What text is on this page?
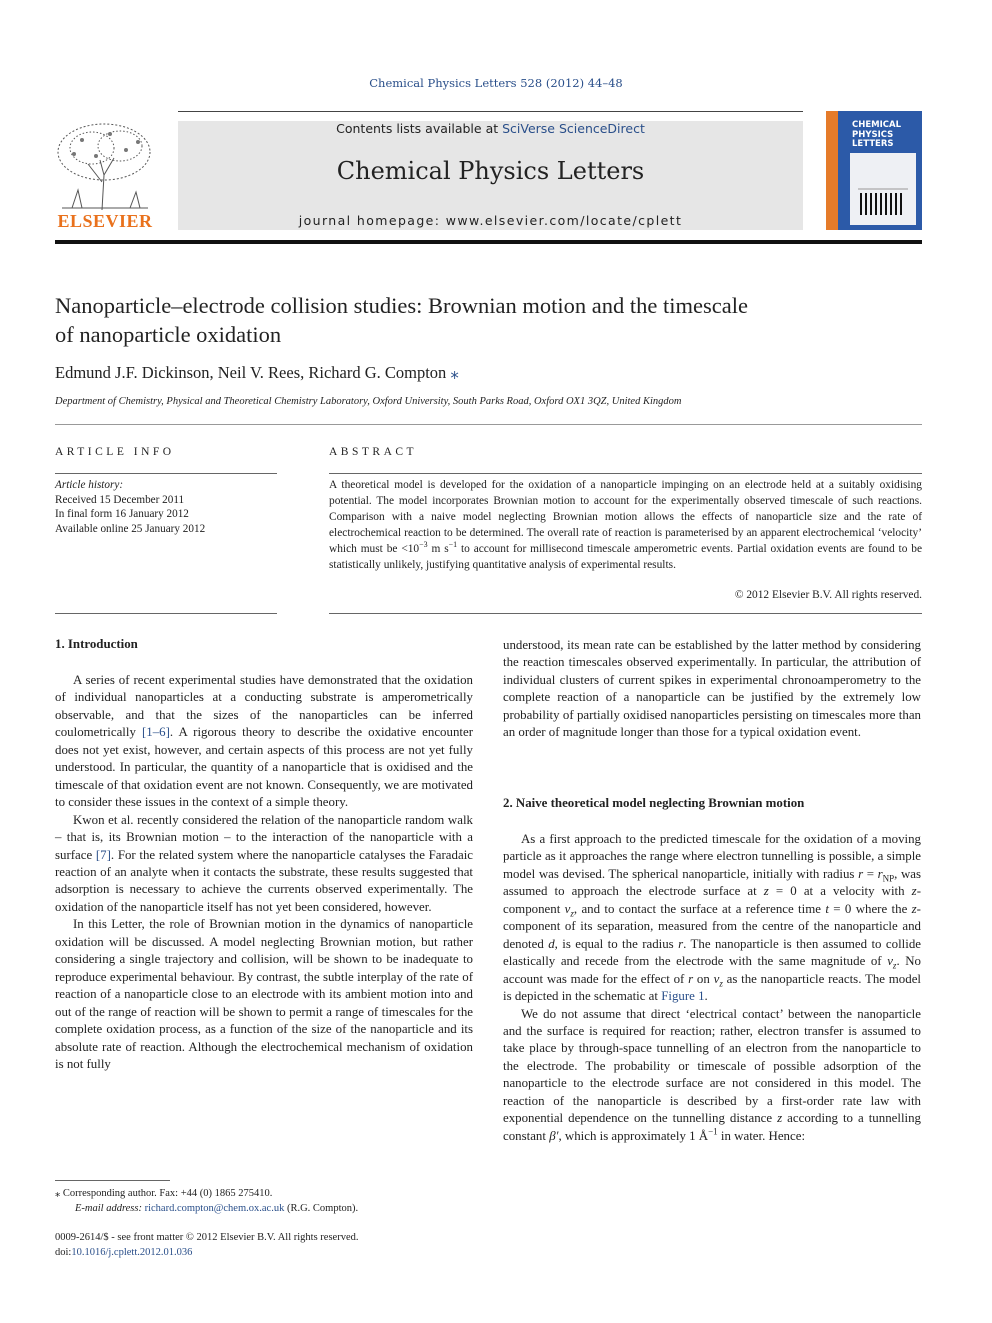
Chemical Physics Letters 528 (2012) 44–48
ELSEVIER
Contents lists available at SciVerse ScienceDirect
Chemical Physics Letters
journal homepage: www.elsevier.com/locate/cplett
CHEMICAL
PHYSICS
LETTERS
Nanoparticle–electrode collision studies: Brownian motion and the timescale
of nanoparticle oxidation
Edmund J.F. Dickinson, Neil V. Rees, Richard G. Compton ⁎
Department of Chemistry, Physical and Theoretical Chemistry Laboratory, Oxford University, South Parks Road, Oxford OX1 3QZ, United Kingdom
ARTICLE INFO
Article history:
Received 15 December 2011
In final form 16 January 2012
Available online 25 January 2012
ABSTRACT
A theoretical model is developed for the oxidation of a nanoparticle impinging on an electrode held at a suitably oxidising potential. The model incorporates Brownian motion to account for the experimentally observed timescale of such reactions. Comparison with a naive model neglecting Brownian motion allows the effects of nanoparticle size and the rate of electrochemical reaction to be determined. The overall rate of reaction is parameterised by an apparent electrochemical ‘velocity’ which must be $<10^{-3}$ m $s^{-1}$ to account for millisecond timescale amperometric events. Partial oxidation events are found to be statistically unlikely, justifying quantitative analysis of experimental results.
© 2012 Elsevier B.V. All rights reserved.
1. Introduction

A series of recent experimental studies have demonstrated that the oxidation of individual nanoparticles at a conducting substrate is amperometrically observable, and that the sizes of the nanoparticles can be inferred coulometrically [1–6]. A rigorous theory to describe the oxidative encounter does not yet exist, however, and certain aspects of this process are not yet fully understood. In particular, the quantity of a nanoparticle that is oxidised and the timescale of that oxidation event are not known. Consequently, we are motivated to consider these issues in the context of a simple theory.

Kwon et al. recently considered the relation of the nanoparticle random walk – that is, its Brownian motion – to the interaction of the nanoparticle with a surface [7]. For the related system where the nanoparticle catalyses the Faradaic reaction of an analyte when it contacts the substrate, these results suggested that adsorption is necessary to achieve the currents observed experimentally. The oxidation of the nanoparticle itself has not yet been considered, however.

In this Letter, the role of Brownian motion in the dynamics of nanoparticle oxidation will be discussed. A model neglecting Brownian motion, but rather considering a single trajectory and collision, will be shown to be inadequate to reproduce experimental behaviour. By contrast, the subtle interplay of the rate of reaction of a nanoparticle close to an electrode with its ambient motion into and out of the range of reaction will be shown to permit a range of timescales for the complete oxidation process, as a function of the size of the nanoparticle and its absolute rate of reaction. Although the electrochemical mechanism of oxidation is not fully

understood, its mean rate can be established by the latter method by considering the reaction timescales observed experimentally. In particular, the attribution of individual clusters of current spikes in experimental chronoamperometry to the complete reaction of a nanoparticle can be justified by the extremely low probability of partially oxidised nanoparticles persisting on timescales more than an order of magnitude longer than those for a typical oxidation event.

2. Naive theoretical model neglecting Brownian motion

As a first approach to the predicted timescale for the oxidation of a moving particle as it approaches the range where electron tunnelling is possible, a simple model was devised. The spherical nanoparticle, initially with radius $r = r_{NP}$, was assumed to approach the electrode surface at z = 0 at a velocity with z-component $v_z$, and to contact the surface at a reference time t = 0 where the z-component of its separation, measured from the centre of the nanoparticle and denoted d, is equal to the radius r. The nanoparticle is then assumed to collide elastically and recede from the electrode with the same magnitude of $v_z$. No account was made for the effect of r on $v_z$ as the nanoparticle reacts. The model is depicted in the schematic at Figure 1.

We do not assume that direct ‘electrical contact’ between the nanoparticle and the surface is required for reaction; rather, electron transfer is assumed to take place by through-space tunnelling of an electron from the nanoparticle to the electrode. The probability or timescale of possible adsorption of the nanoparticle to the electrode surface are not considered in this model. The reaction of the nanoparticle is described by a first-order rate law with exponential dependence on the tunnelling distance z according to a tunnelling constant β′, which is approximately 1 $Å^{-1}$ in water. Hence:

⁎ Corresponding author. Fax: +44 (0) 1865 275410.
E-mail address: richard.compton@chem.ox.ac.uk (R.G. Compton).
0009-2614/$ - see front matter © 2012 Elsevier B.V. All rights reserved.
doi:10.1016/j.cplett.2012.01.036
